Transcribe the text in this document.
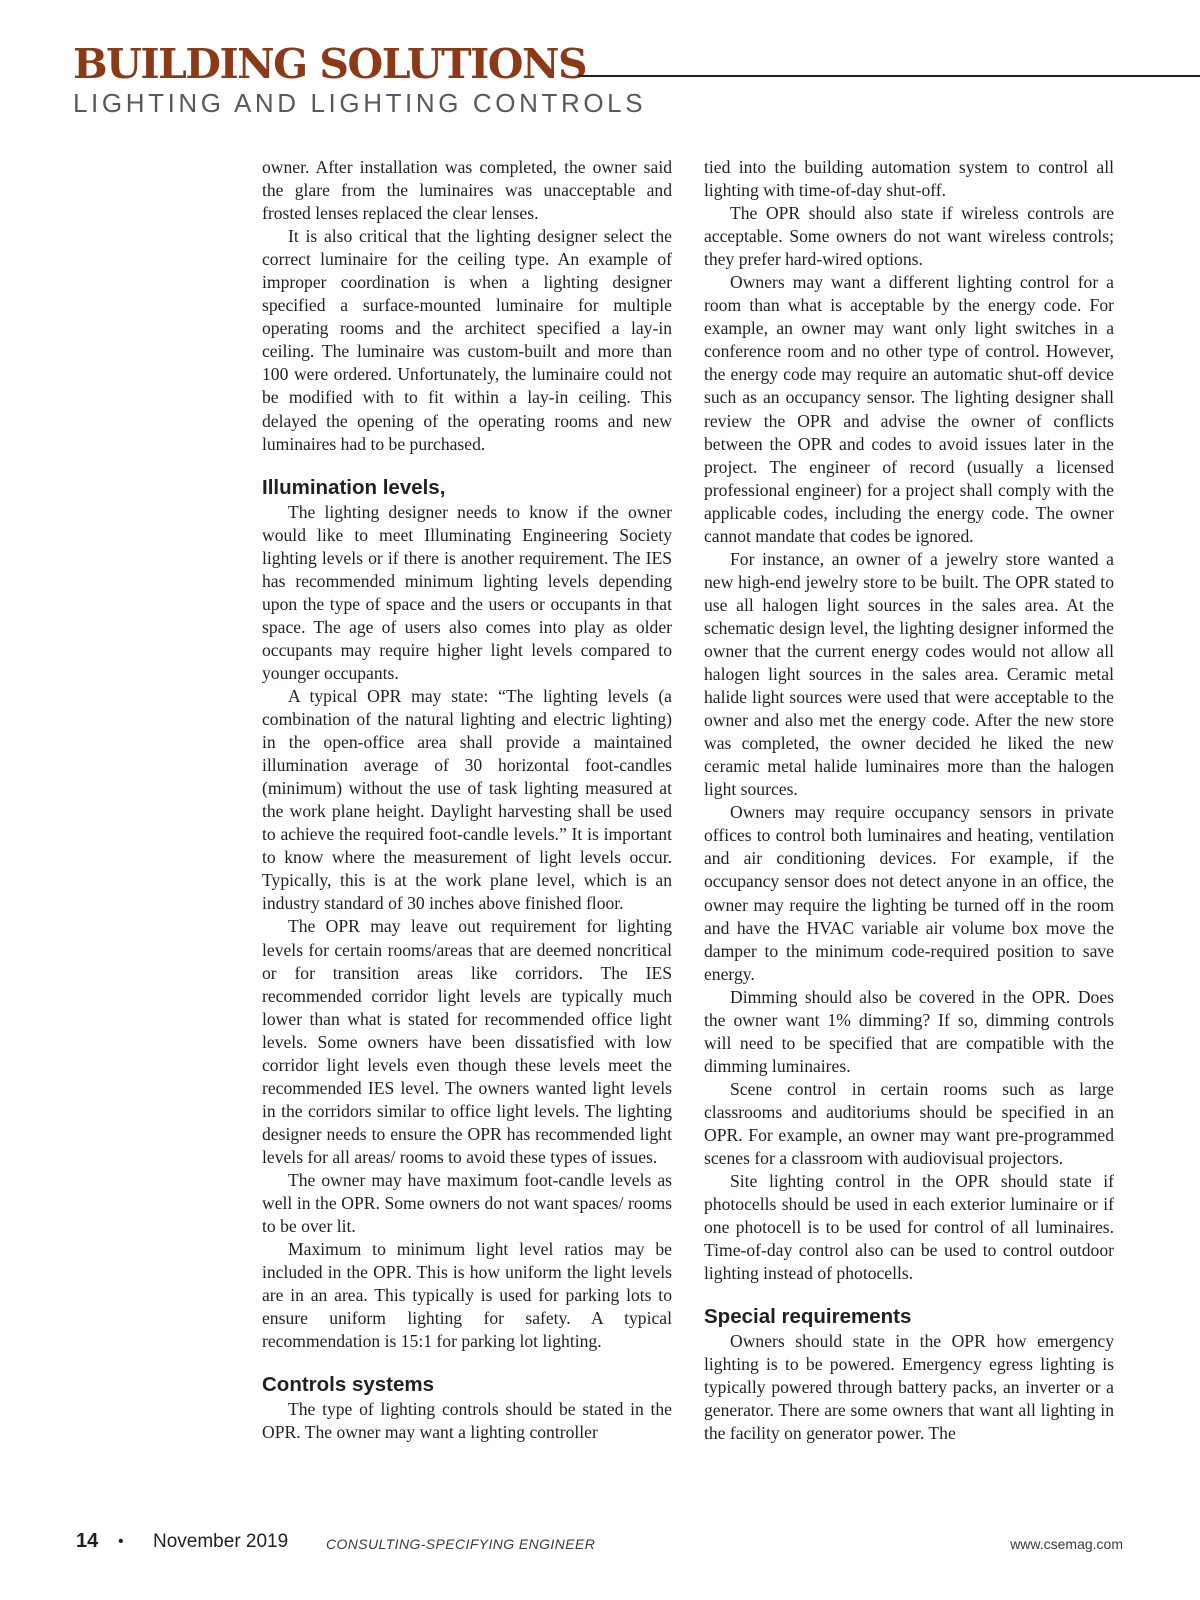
BUILDING SOLUTIONS
LIGHTING AND LIGHTING CONTROLS

owner. After installation was completed, the owner said the glare from the luminaires was unacceptable and frosted lenses replaced the clear lenses.

It is also critical that the lighting designer select the correct luminaire for the ceiling type. An example of improper coordination is when a lighting designer specified a surface-mounted luminaire for multiple operating rooms and the architect specified a lay-in ceiling. The luminaire was custom-built and more than 100 were ordered. Unfortunately, the luminaire could not be modified with to fit within a lay-in ceiling. This delayed the opening of the operating rooms and new luminaires had to be purchased.

Illumination levels,

The lighting designer needs to know if the owner would like to meet Illuminating Engineering Society lighting levels or if there is another requirement. The IES has recommended minimum lighting levels depending upon the type of space and the users or occupants in that space. The age of users also comes into play as older occupants may require higher light levels compared to younger occupants.

A typical OPR may state: “The lighting levels (a combination of the natural lighting and electric lighting) in the open-office area shall provide a maintained illumination average of 30 horizontal foot-candles (minimum) without the use of task lighting measured at the work plane height. Daylight harvesting shall be used to achieve the required foot-candle levels.” It is important to know where the measurement of light levels occur. Typically, this is at the work plane level, which is an industry standard of 30 inches above finished floor.

The OPR may leave out requirement for lighting levels for certain rooms/areas that are deemed noncritical or for transition areas like corridors. The IES recommended corridor light levels are typically much lower than what is stated for recommended office light levels. Some owners have been dissatisfied with low corridor light levels even though these levels meet the recommended IES level. The owners wanted light levels in the corridors similar to office light levels. The lighting designer needs to ensure the OPR has recommended light levels for all areas/ rooms to avoid these types of issues.

The owner may have maximum foot-candle levels as well in the OPR. Some owners do not want spaces/ rooms to be over lit.

Maximum to minimum light level ratios may be included in the OPR. This is how uniform the light levels are in an area. This typically is used for parking lots to ensure uniform lighting for safety. A typical recommendation is 15:1 for parking lot lighting.

Controls systems

The type of lighting controls should be stated in the OPR. The owner may want a lighting controller

tied into the building automation system to control all lighting with time-of-day shut-off.

The OPR should also state if wireless controls are acceptable. Some owners do not want wireless controls; they prefer hard-wired options.

Owners may want a different lighting control for a room than what is acceptable by the energy code. For example, an owner may want only light switches in a conference room and no other type of control. However, the energy code may require an automatic shut-off device such as an occupancy sensor. The lighting designer shall review the OPR and advise the owner of conflicts between the OPR and codes to avoid issues later in the project. The engineer of record (usually a licensed professional engineer) for a project shall comply with the applicable codes, including the energy code. The owner cannot mandate that codes be ignored.

For instance, an owner of a jewelry store wanted a new high-end jewelry store to be built. The OPR stated to use all halogen light sources in the sales area. At the schematic design level, the lighting designer informed the owner that the current energy codes would not allow all halogen light sources in the sales area. Ceramic metal halide light sources were used that were acceptable to the owner and also met the energy code. After the new store was completed, the owner decided he liked the new ceramic metal halide luminaires more than the halogen light sources.

Owners may require occupancy sensors in private offices to control both luminaires and heating, ventilation and air conditioning devices. For example, if the occupancy sensor does not detect anyone in an office, the owner may require the lighting be turned off in the room and have the HVAC variable air volume box move the damper to the minimum code-required position to save energy.

Dimming should also be covered in the OPR. Does the owner want 1% dimming? If so, dimming controls will need to be specified that are compatible with the dimming luminaires.

Scene control in certain rooms such as large classrooms and auditoriums should be specified in an OPR. For example, an owner may want pre-programmed scenes for a classroom with audiovisual projectors.

Site lighting control in the OPR should state if photocells should be used in each exterior luminaire or if one photocell is to be used for control of all luminaires. Time-of-day control also can be used to control outdoor lighting instead of photocells.

Special requirements

Owners should state in the OPR how emergency lighting is to be powered. Emergency egress lighting is typically powered through battery packs, an inverter or a generator. There are some owners that want all lighting in the facility on generator power. The

14 • November 2019	CONSULTING-SPECIFYING ENGINEER	www.csemag.com
